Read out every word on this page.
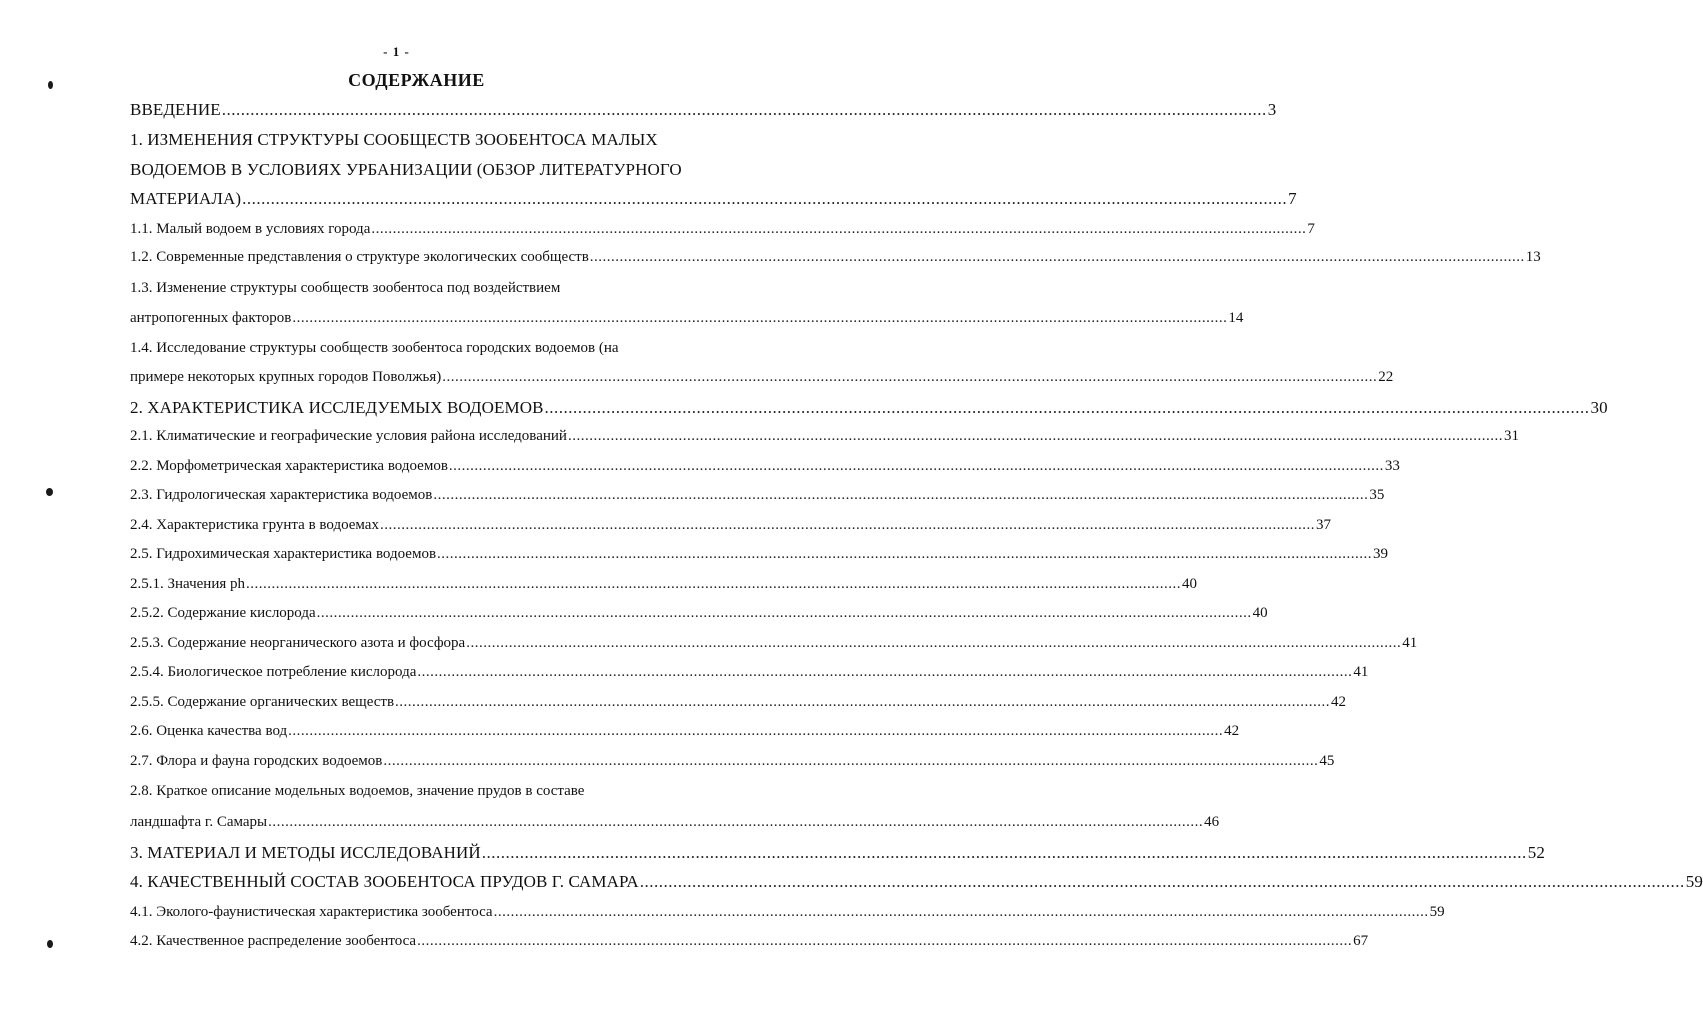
- 1 -
СОДЕРЖАНИЕ
ВВЕДЕНИЕ ............................................................................................................................................................................................................................ 3
1. ИЗМЕНЕНИЯ СТРУКТУРЫ СООБЩЕСТВ ЗООБЕНТОСА МАЛЫХ
ВОДОЕМОВ В УСЛОВИЯХ УРБАНИЗАЦИИ (ОБЗОР ЛИТЕРАТУРНОГО
МАТЕРИАЛА) ............................................................................................................................................................................................................................ 7
1.1. Малый водоем в условиях города ............................................................................................................................................................................................................................ 7
1.2. Современные представления о структуре экологических сообществ ............................................................................................................................................................................................................................ 13
1.3. Изменение структуры сообществ зообентоса под воздействием
антропогенных факторов ............................................................................................................................................................................................................................ 14
1.4. Исследование структуры сообществ зообентоса городских водоемов (на
примере некоторых крупных городов Поволжья) ............................................................................................................................................................................................................................ 22
2. ХАРАКТЕРИСТИКА ИССЛЕДУЕМЫХ ВОДОЕМОВ ............................................................................................................................................................................................................................ 30
2.1. Климатические и географические условия района исследований ............................................................................................................................................................................................................................ 31
2.2. Морфометрическая характеристика водоемов ............................................................................................................................................................................................................................ 33
2.3. Гидрологическая характеристика водоемов ............................................................................................................................................................................................................................ 35
2.4. Характеристика грунта в водоемах ............................................................................................................................................................................................................................ 37
2.5. Гидрохимическая характеристика водоемов ............................................................................................................................................................................................................................ 39
2.5.1. Значения ph ............................................................................................................................................................................................................................ 40
2.5.2. Содержание кислорода ............................................................................................................................................................................................................................ 40
2.5.3. Содержание неорганического азота и фосфора ............................................................................................................................................................................................................................ 41
2.5.4. Биологическое потребление кислорода ............................................................................................................................................................................................................................ 41
2.5.5. Содержание органических веществ ............................................................................................................................................................................................................................ 42
2.6. Оценка качества вод ............................................................................................................................................................................................................................ 42
2.7. Флора и фауна городских водоемов ............................................................................................................................................................................................................................ 45
2.8. Краткое описание модельных водоемов, значение прудов в составе
ландшафта г. Самары ............................................................................................................................................................................................................................ 46
3. МАТЕРИАЛ И МЕТОДЫ ИССЛЕДОВАНИЙ ............................................................................................................................................................................................................................ 52
4. КАЧЕСТВЕННЫЙ СОСТАВ ЗООБЕНТОСА ПРУДОВ Г. САМАРА ............................................................................................................................................................................................................................ 59
4.1. Эколого-фаунистическая характеристика зообентоса ............................................................................................................................................................................................................................ 59
4.2. Качественное распределение зообентоса ............................................................................................................................................................................................................................ 67
